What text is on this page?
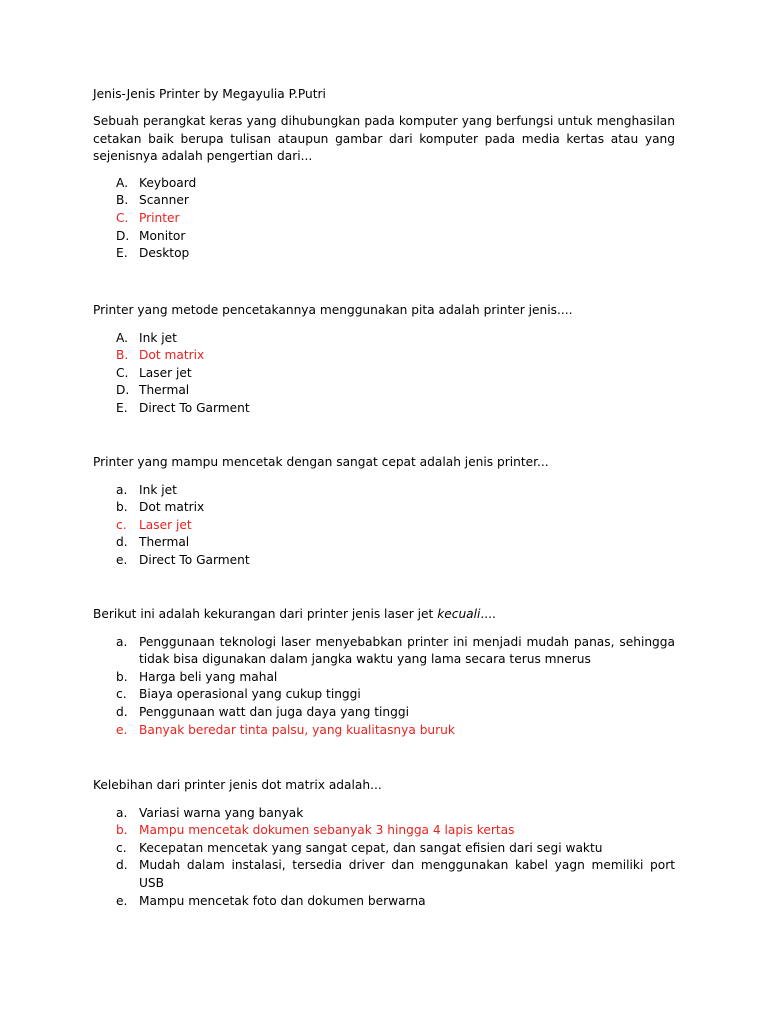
Jenis-Jenis Printer by Megayulia P.Putri

Sebuah perangkat keras yang dihubungkan pada komputer yang berfungsi untuk menghasilan cetakan baik berupa tulisan ataupun gambar dari komputer pada media kertas atau yang sejenisnya adalah pengertian dari...

A. Keyboard
B. Scanner
C. Printer
D. Monitor
E. Desktop

Printer yang metode pencetakannya menggunakan pita adalah printer jenis....

A. Ink jet
B. Dot matrix
C. Laser jet
D. Thermal
E. Direct To Garment

Printer yang mampu mencetak dengan sangat cepat adalah jenis printer...

a. Ink jet
b. Dot matrix
c.	Laser jet
d. Thermal
e. Direct To Garment

Berikut ini adalah kekurangan dari printer jenis laser jet kecuali....

a. Penggunaan teknologi laser menyebabkan printer ini menjadi mudah panas, sehingga tidak bisa digunakan dalam jangka waktu yang lama secara terus mnerus
b. Harga beli yang mahal
c.	Biaya operasional yang cukup tinggi
d. Penggunaan watt dan juga daya yang tinggi
e. Banyak beredar tinta palsu, yang kualitasnya buruk

Kelebihan dari printer jenis dot matrix adalah...

a. Variasi warna yang banyak
b. Mampu mencetak dokumen sebanyak 3 hingga 4 lapis kertas
c.	Kecepatan mencetak yang sangat cepat, dan sangat efisien dari segi waktu
d. Mudah dalam instalasi, tersedia driver dan menggunakan kabel yagn memiliki port USB
e. Mampu mencetak foto dan dokumen berwarna
